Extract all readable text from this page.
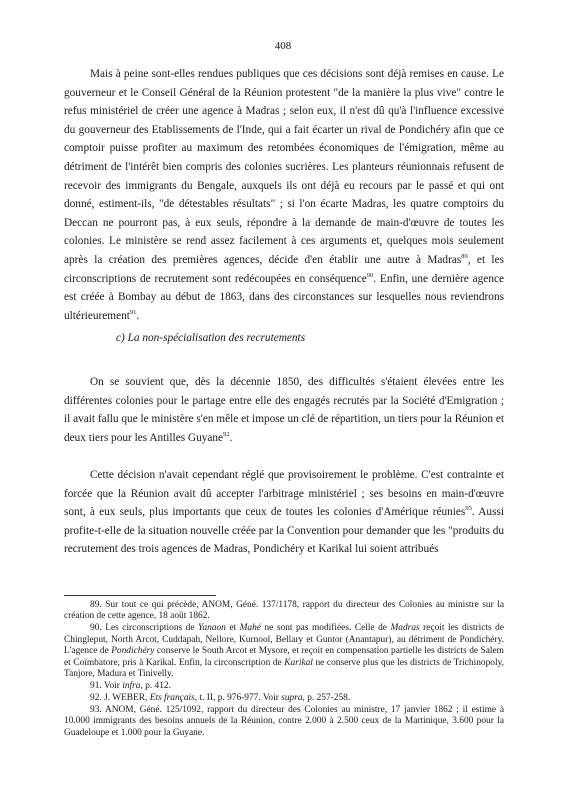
408

Mais à peine sont-elles rendues publiques que ces décisions sont déjà remises en cause. Le gouverneur et le Conseil Général de la Réunion protestent "de la manière la plus vive" contre le refus ministériel de créer une agence à Madras ; selon eux, il n'est dû qu'à l'influence excessive du gouverneur des Etablissements de l'Inde, qui a fait écarter un rival de Pondichéry afin que ce comptoir puisse profiter au maximum des retombées économiques de l'émigration, même au détriment de l'intérêt bien compris des colonies sucrières. Les planteurs réunionnais refusent de recevoir des immigrants du Bengale, auxquels ils ont déjà eu recours par le passé et qui ont donné, estiment-ils, "de détestables résultats" ; si l'on écarte Madras, les quatre comptoirs du Deccan ne pourront pas, à eux seuls, répondre à la demande de main-d'œuvre de toutes les colonies. Le ministère se rend assez facilement à ces arguments et, quelques mois seulement après la création des premières agences, décide d'en établir une autre à Madras$^{89}$, et les circonscriptions de recrutement sont redécoupées en conséquence$^{90}$. Enfin, une dernière agence est créée à Bombay au début de 1863, dans des circonstances sur lesquelles nous reviendrons ultérieurement$^{91}$.

c) La non-spécialisation des recrutements

On se souvient que, dès la décennie 1850, des difficultés s'étaient élevées entre les différentes colonies pour le partage entre elle des engagés recrutés par la Société d'Emigration ; il avait fallu que le ministère s'en mêle et impose un clé de répartition, un tiers pour la Réunion et deux tiers pour les Antilles Guyane$^{92}$.

Cette décision n'avait cependant réglé que provisoirement le problème. C'est contrainte et forcée que la Réunion avait dû accepter l'arbitrage ministériel ; ses besoins en main-d'œuvre sont, à eux seuls, plus importants que ceux de toutes les colonies d'Amérique réunies$^{93}$. Aussi profite-t-elle de la situation nouvelle créée par la Convention pour demander que les "produits du recrutement des trois agences de Madras, Pondichéry et Karikal lui soient attribués

89. Sur tout ce qui précède, ANOM, Géné. 137/1178, rapport du directeur des Colonies au ministre sur la création de cette agence, 18 août 1862.

90. Les circonscriptions de Yanaon et Mahé ne sont pas modifiées. Celle de Madras reçoit les districts de Chingleput, North Arcot, Cuddapah, Nellore, Kurnool, Bellary et Guntor (Anantapur), au détriment de Pondichéry. L'agence de Pondichéry conserve le South Arcot et Mysore, et reçoit en compensation partielle les districts de Salem et Coïmbatore, pris à Karikal. Enfin, la circonscription de Karikal ne conserve plus que les districts de Trichinopoly, Tanjore, Madura et Tinivelly.

91. Voir infra, p. 412.

92. J. WEBER, Ets français, t. II, p. 976-977. Voir supra, p. 257-258.

93. ANOM, Géné. 125/1092, rapport du directeur des Colonies au ministre, 17 janvier 1862 ; il estime à 10.000 immigrants des besoins annuels de la Réunion, contre 2.000 à 2.500 ceux de la Martinique, 3.600 pour la Guadeloupe et 1.000 pour la Guyane.
